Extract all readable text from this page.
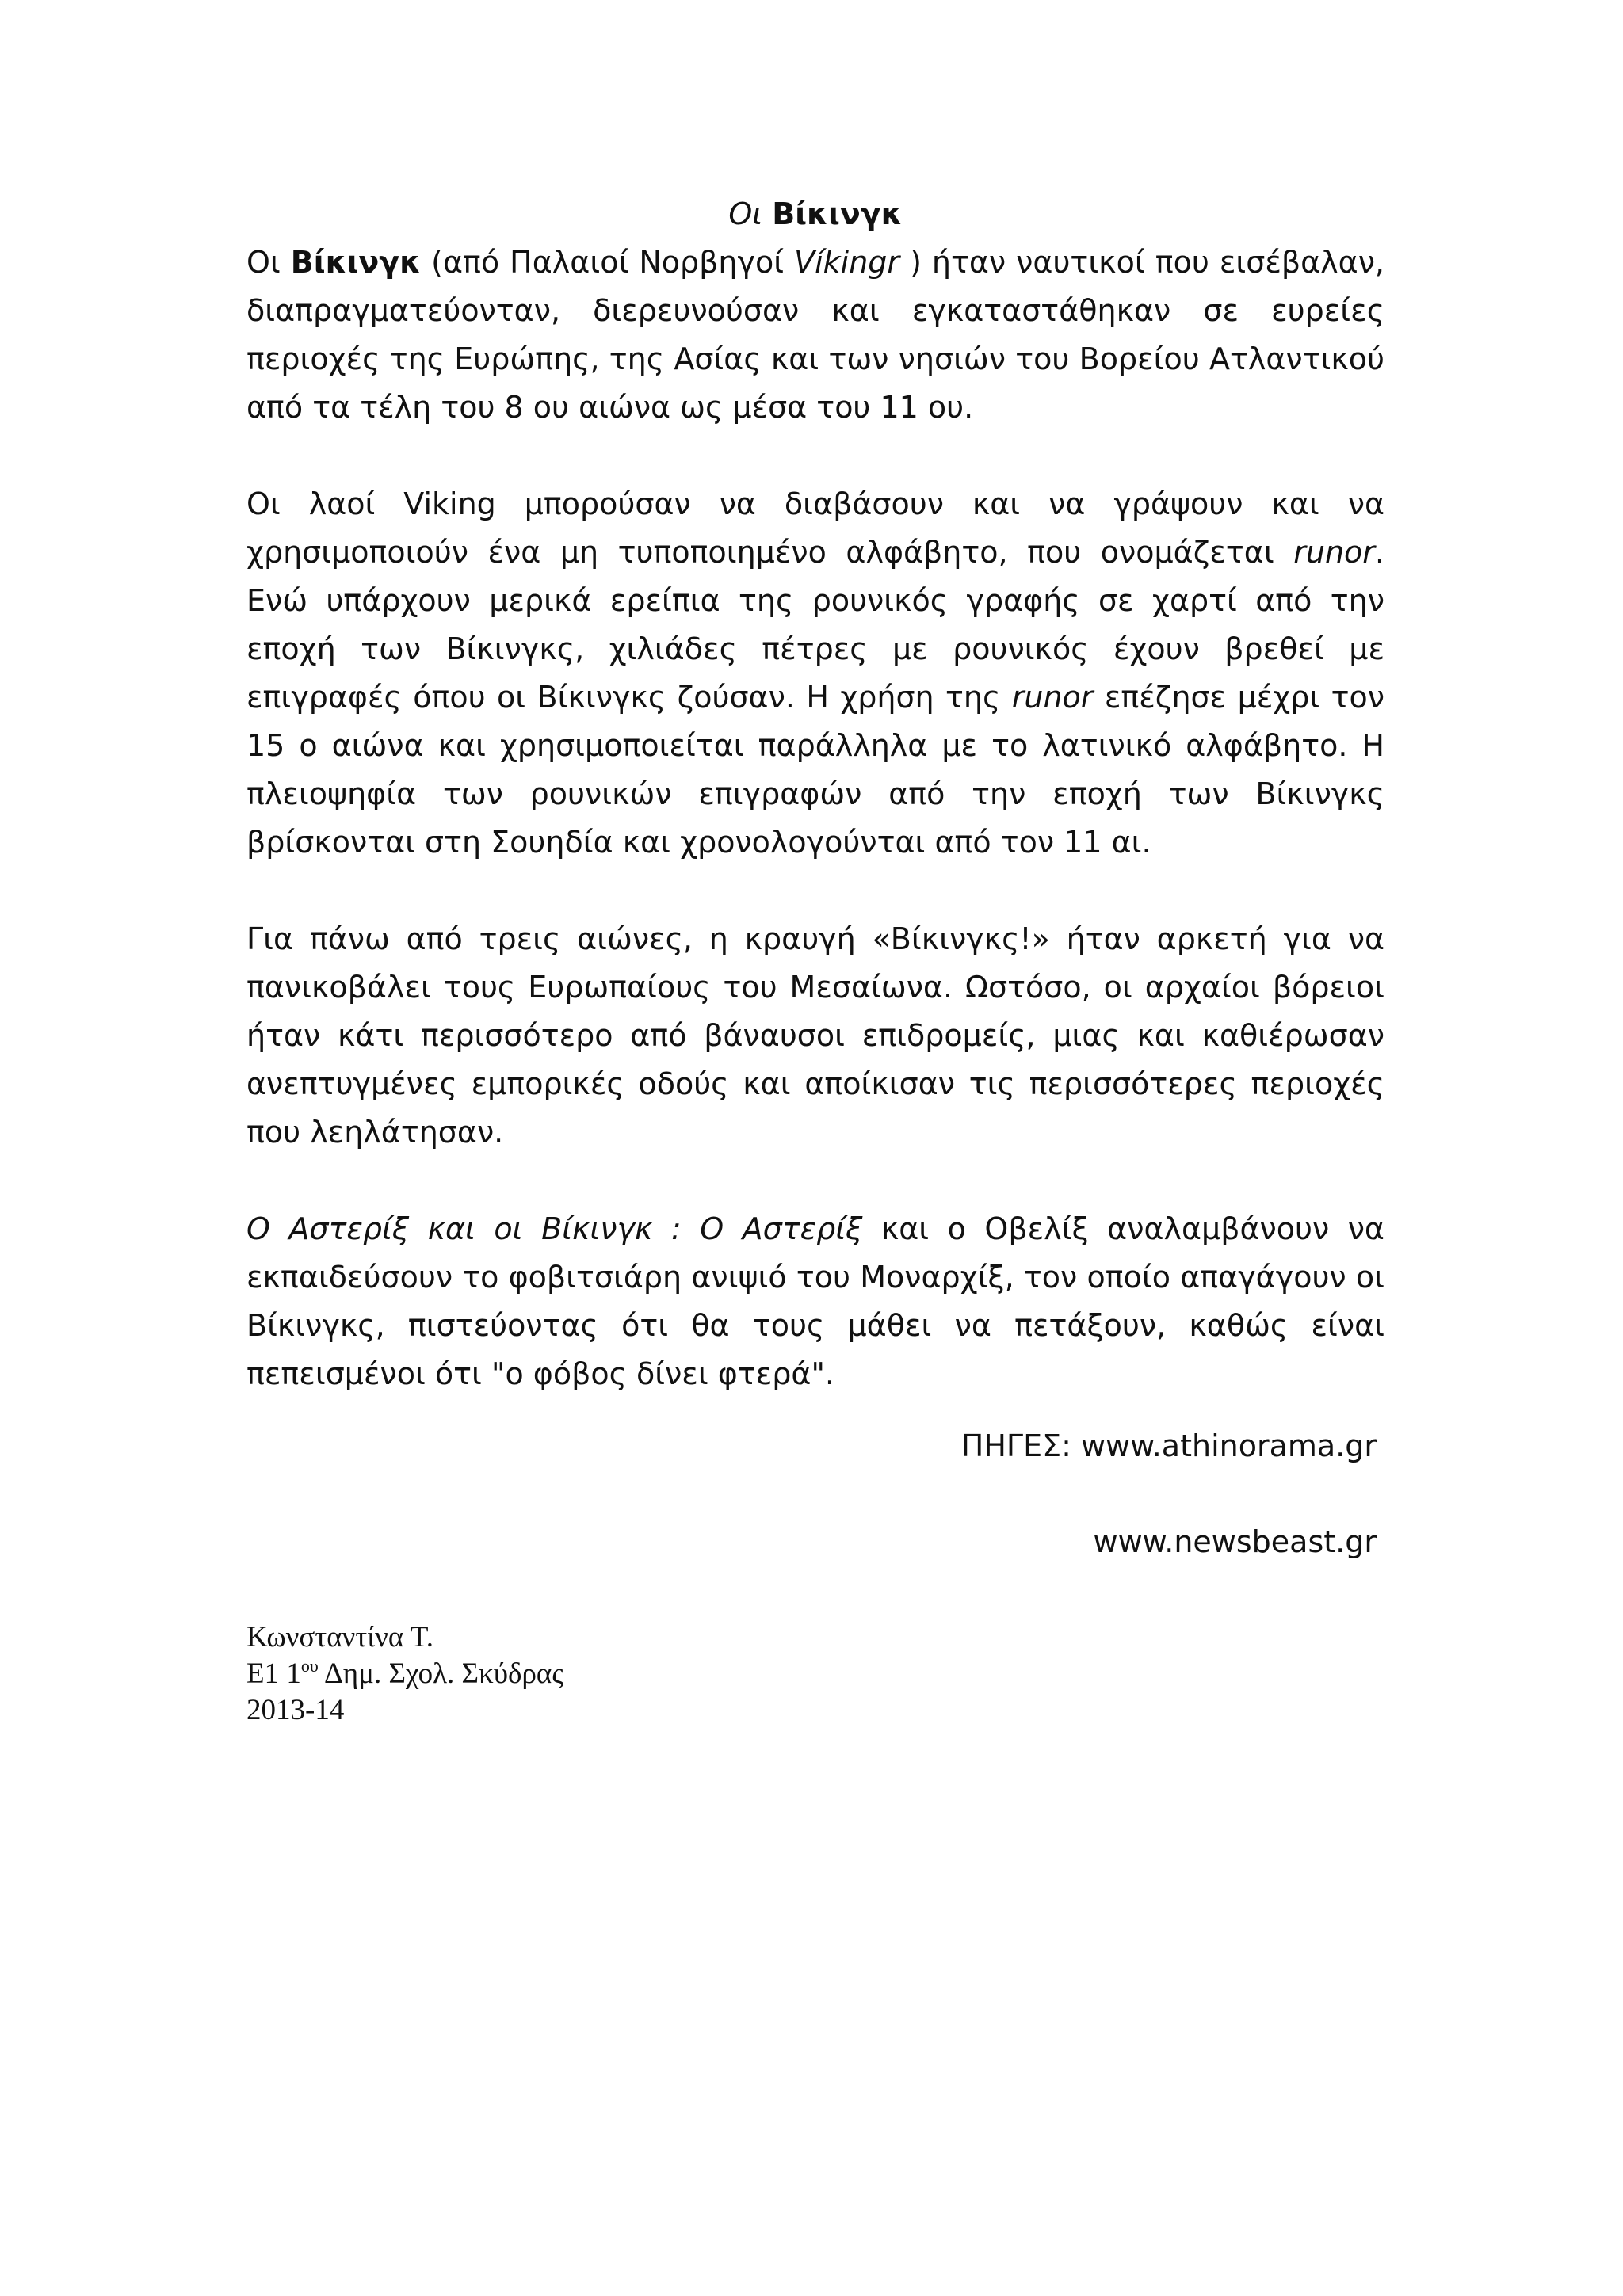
Οι Βίκινγκ

Οι Βίκινγκ (από Παλαιοί Νορβηγοί Víkingr ) ήταν ναυτικοί που εισέβαλαν, διαπραγματεύονταν, διερευνούσαν και εγκαταστάθηκαν σε ευρείες περιοχές της Ευρώπης, της Ασίας και των νησιών του Βορείου Ατλαντικού από τα τέλη του 8 ου αιώνα ως μέσα του 11 ου.

Οι λαοί Viking μπορούσαν να διαβάσουν και να γράψουν και να χρησιμοποιούν ένα μη τυποποιημένο αλφάβητο, που ονομάζεται runor. Ενώ υπάρχουν μερικά ερείπια της ρουνικός γραφής σε χαρτί από την εποχή των Βίκινγκς, χιλιάδες πέτρες με ρουνικός έχουν βρεθεί με επιγραφές όπου οι Βίκινγκς ζούσαν. Η χρήση της runor επέζησε μέχρι τον 15 ο αιώνα και χρησιμοποιείται παράλληλα με το λατινικό αλφάβητο. Η πλειοψηφία των ρουνικών επιγραφών από την εποχή των Βίκινγκς βρίσκονται στη Σουηδία και χρονολογούνται από τον 11 αι.

Για πάνω από τρεις αιώνες, η κραυγή «Βίκινγκς!» ήταν αρκετή για να πανικοβάλει τους Ευρωπαίους του Μεσαίωνα. Ωστόσο, οι αρχαίοι βόρειοι ήταν κάτι περισσότερο από βάναυσοι επιδρομείς, μιας και καθιέρωσαν ανεπτυγμένες εμπορικές οδούς και αποίκισαν τις περισσότερες περιοχές που λεηλάτησαν.

Ο Αστερίξ και οι Βίκινγκ : Ο Αστερίξ και ο Οβελίξ αναλαμβάνουν να εκπαιδεύσουν το φοβιτσιάρη ανιψιό του Μοναρχίξ, τον οποίο απαγάγουν οι Βίκινγκς, πιστεύοντας ότι θα τους μάθει να πετάξουν, καθώς είναι πεπεισμένοι ότι "ο φόβος δίνει φτερά".

ΠΗΓΕΣ: www.athinorama.gr

www.newsbeast.gr

Κωνσταντίνα Τ.

Ε1 $1^{o\upsilon}$ Δημ. Σχολ. Σκύδρας

2013-14
